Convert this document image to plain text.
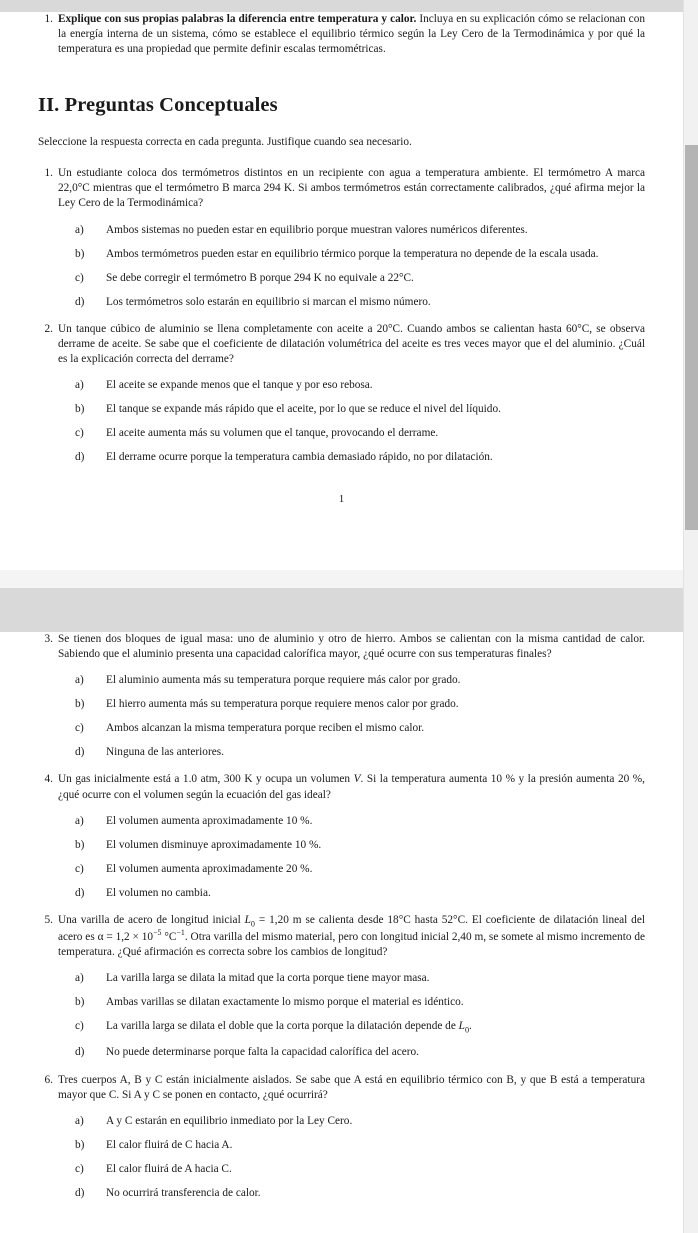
1. Explique con sus propias palabras la diferencia entre temperatura y calor. Incluya en su explicación cómo se relacionan con la energía interna de un sistema, cómo se establece el equilibrio térmico según la Ley Cero de la Termodinámica y por qué la temperatura es una propiedad que permite definir escalas termométricas.
II. Preguntas Conceptuales

Seleccione la respuesta correcta en cada pregunta. Justifique cuando sea necesario.

1. Un estudiante coloca dos termómetros distintos en un recipiente con agua a temperatura ambiente. El termómetro A marca 22,0°C mientras que el termómetro B marca 294 K. Si ambos termómetros están correctamente calibrados, ¿qué afirma mejor la Ley Cero de la Termodinámica?
a)	Ambos sistemas no pueden estar en equilibrio porque muestran valores numéricos diferentes.
b)	Ambos termómetros pueden estar en equilibrio térmico porque la temperatura no depende de la escala usada.
c)	Se debe corregir el termómetro B porque 294 K no equivale a 22°C.
d)	Los termómetros solo estarán en equilibrio si marcan el mismo número.
2. Un tanque cúbico de aluminio se llena completamente con aceite a 20°C. Cuando ambos se calientan hasta 60°C, se observa derrame de aceite. Se sabe que el coeficiente de dilatación volumétrica del aceite es tres veces mayor que el del aluminio. ¿Cuál es la explicación correcta del derrame?
a)	El aceite se expande menos que el tanque y por eso rebosa.
b)	El tanque se expande más rápido que el aceite, por lo que se reduce el nivel del líquido.
c)	El aceite aumenta más su volumen que el tanque, provocando el derrame.
d)	El derrame ocurre porque la temperatura cambia demasiado rápido, no por dilatación.
1
3. Se tienen dos bloques de igual masa: uno de aluminio y otro de hierro. Ambos se calientan con la misma cantidad de calor. Sabiendo que el aluminio presenta una capacidad calorífica mayor, ¿qué ocurre con sus temperaturas finales?
a)	El aluminio aumenta más su temperatura porque requiere más calor por grado.
b)	El hierro aumenta más su temperatura porque requiere menos calor por grado.
c)	Ambos alcanzan la misma temperatura porque reciben el mismo calor.
d)	Ninguna de las anteriores.
4. Un gas inicialmente está a 1.0 atm, 300 K y ocupa un volumen V. Si la temperatura aumenta 10 % y la presión aumenta 20 %, ¿qué ocurre con el volumen según la ecuación del gas ideal?
a)	El volumen aumenta aproximadamente 10 %.
b)	El volumen disminuye aproximadamente 10 %.
c)	El volumen aumenta aproximadamente 20 %.
d)	El volumen no cambia.
5. Una varilla de acero de longitud inicial $L_0 = 1,20$ m se calienta desde 18°C hasta 52°C. El coeficiente de dilatación lineal del acero es $\alpha = 1,2 \times 10^{-5}$ $^\circ C^{-1}$. Otra varilla del mismo material, pero con longitud inicial 2,40 m, se somete al mismo incremento de temperatura. ¿Qué afirmación es correcta sobre los cambios de longitud?
a)	La varilla larga se dilata la mitad que la corta porque tiene mayor masa.
b)	Ambas varillas se dilatan exactamente lo mismo porque el material es idéntico.
c)	La varilla larga se dilata el doble que la corta porque la dilatación depende de $L_0$.
d)	No puede determinarse porque falta la capacidad calorífica del acero.
6. Tres cuerpos A, B y C están inicialmente aislados. Se sabe que A está en equilibrio térmico con B, y que B está a temperatura mayor que C. Si A y C se ponen en contacto, ¿qué ocurrirá?
a)	A y C estarán en equilibrio inmediato por la Ley Cero.
b)	El calor fluirá de C hacia A.
c)	El calor fluirá de A hacia C.
d)	No ocurrirá transferencia de calor.
